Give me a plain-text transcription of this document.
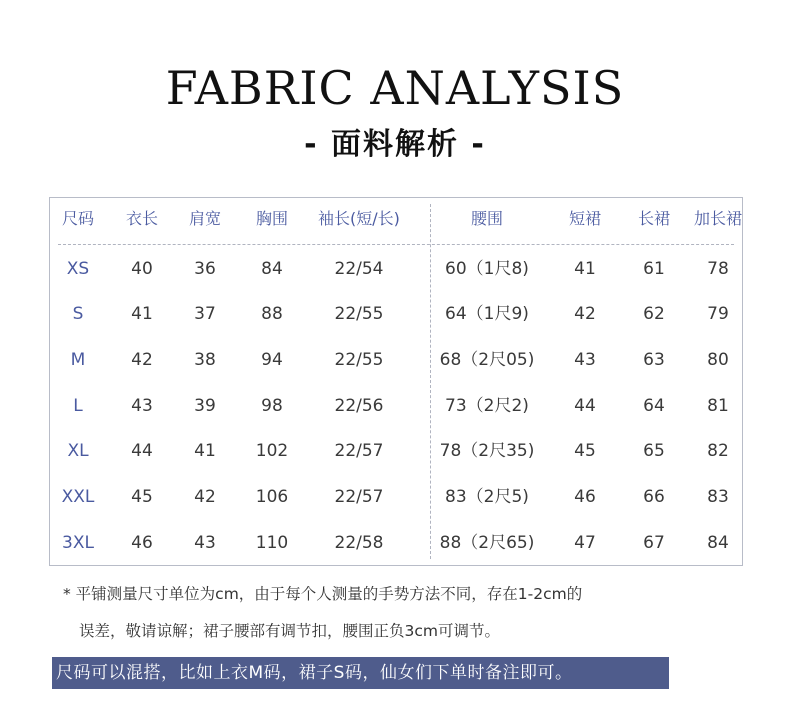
FABRIC ANALYSIS
- 面料解析 -
尺码	衣长	肩宽	胸围	袖长(短/长)	腰围	短裙	长裙	加长裙
XS	40	36	84	22/54	60（1尺8)	41	61	78
S	41	37	88	22/55	64（1尺9)	42	62	79
M	42	38	94	22/55	68（2尺05)	43	63	80
L	43	39	98	22/56	73（2尺2)	44	64	81
XL	44	41	102	22/57	78（2尺35)	45	65	82
XXL	45	42	106	22/57	83（2尺5)	46	66	83
3XL	46	43	110	22/58	88（2尺65)	47	67	84
* 平铺测量尺寸单位为cm，由于每个人测量的手势方法不同，存在1-2cm的
误差，敬请谅解；裙子腰部有调节扣，腰围正负3cm可调节。
尺码可以混搭，比如上衣M码，裙子S码，仙女们下单时备注即可。
